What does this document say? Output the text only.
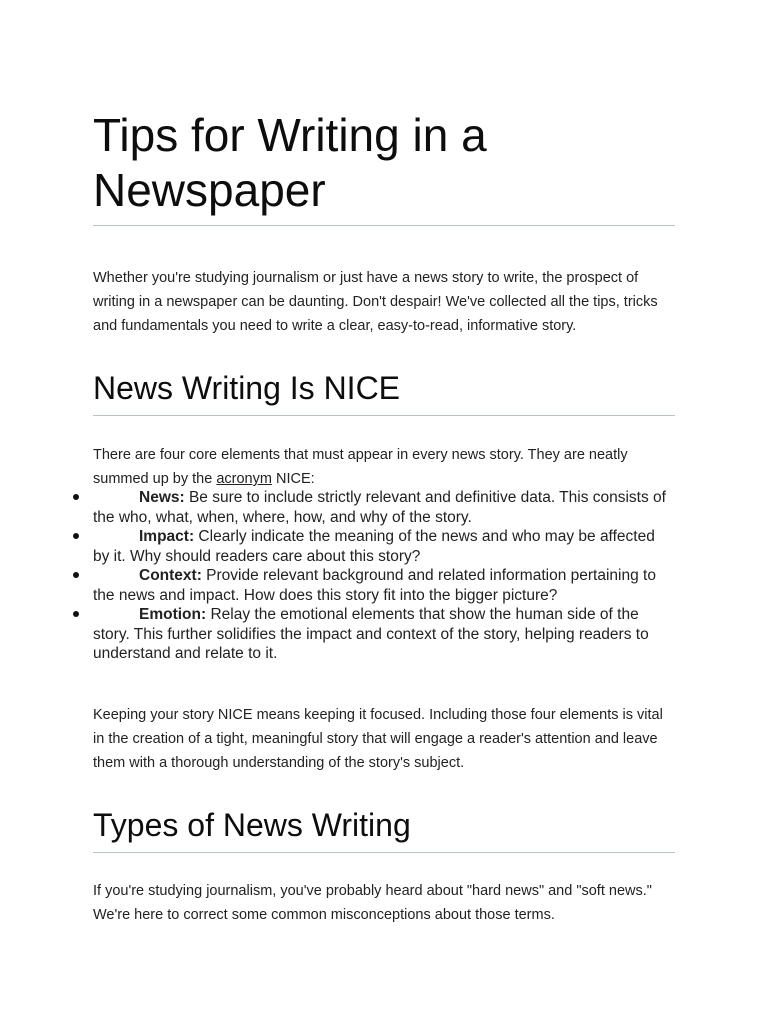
Tips for Writing in a Newspaper

Whether you're studying journalism or just have a news story to write, the prospect of writing in a newspaper can be daunting. Don't despair! We've collected all the tips, tricks and fundamentals you need to write a clear, easy-to-read, informative story.

News Writing Is NICE

There are four core elements that must appear in every news story. They are neatly summed up by the acronym NICE:

News: Be sure to include strictly relevant and definitive data. This consists of the who, what, when, where, how, and why of the story.
Impact: Clearly indicate the meaning of the news and who may be affected by it. Why should readers care about this story?
Context: Provide relevant background and related information pertaining to the news and impact. How does this story fit into the bigger picture?
Emotion: Relay the emotional elements that show the human side of the story. This further solidifies the impact and context of the story, helping readers to understand and relate to it.

Keeping your story NICE means keeping it focused. Including those four elements is vital in the creation of a tight, meaningful story that will engage a reader's attention and leave them with a thorough understanding of the story's subject.

Types of News Writing

If you're studying journalism, you've probably heard about "hard news" and "soft news." We're here to correct some common misconceptions about those terms.
